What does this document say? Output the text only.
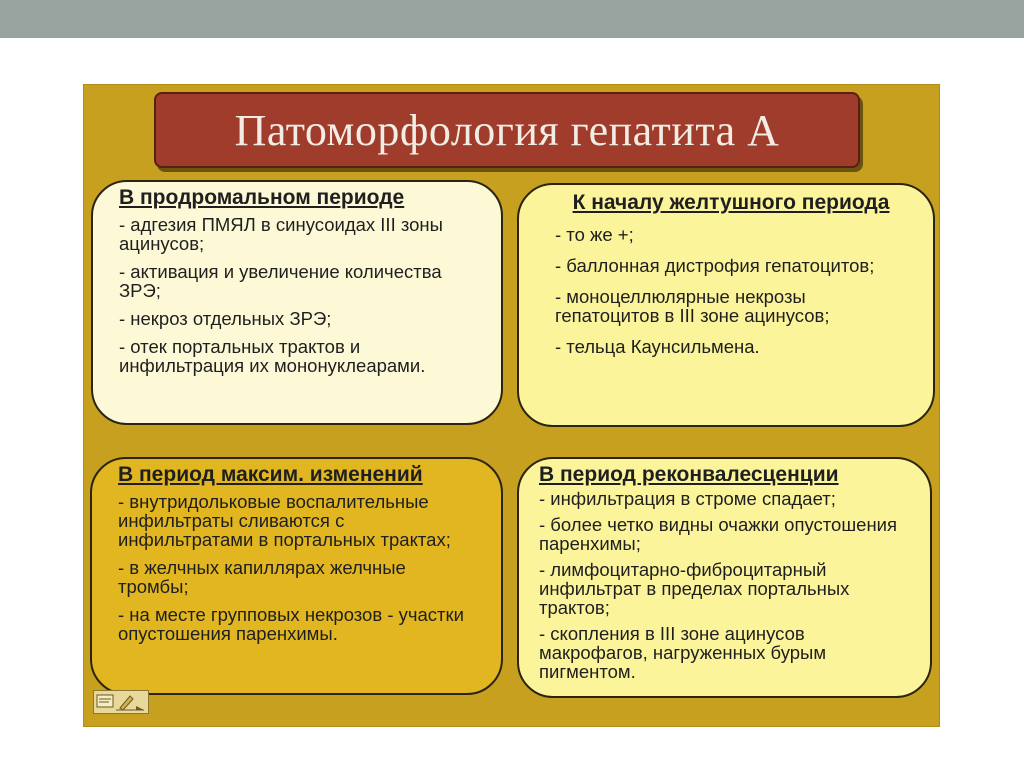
Патоморфология гепатита А
В продромальном периоде
- адгезия ПМЯЛ в синусоидах III зоны ацинусов;
- активация и увеличение количества ЗРЭ;
- некроз отдельных ЗРЭ;
- отек портальных трактов и инфильтрация их мононуклеарами.
К началу желтушного периода
- то же +;
- баллонная дистрофия гепатоцитов;
- моноцеллюлярные некрозы гепатоцитов в III зоне ацинусов;
- тельца Каунсильмена.
В период максим. изменений
- внутридольковые воспалительные инфильтраты сливаются с инфильтратами в портальных трактах;
- в желчных капиллярах желчные тромбы;
- на месте групповых некрозов - участки опустошения паренхимы.
В период реконвалесценции
- инфильтрация в строме спадает;
- более четко видны очажки опустошения паренхимы;
- лимфоцитарно-фиброцитарный инфильтрат в пределах портальных трактов;
- скопления в III зоне ацинусов макрофагов, нагруженных бурым пигментом.
